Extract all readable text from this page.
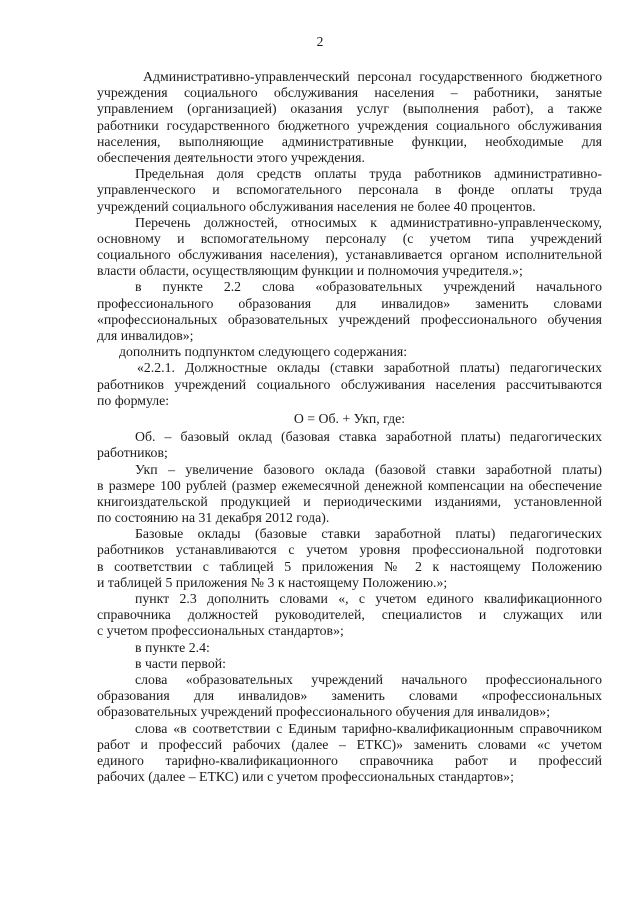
2
Административно-управленческий персонал государственного бюджетного
учреждения социального обслуживания населения – работники, занятые
управлением (организацией) оказания услуг (выполнения работ), а также
работники государственного бюджетного учреждения социального обслуживания
населения, выполняющие административные функции, необходимые для
обеспечения деятельности этого учреждения.
Предельная доля средств оплаты труда работников административно-
управленческого и вспомогательного персонала в фонде оплаты труда
учреждений социального обслуживания населения не более 40 процентов.
Перечень должностей, относимых к административно-управленческому,
основному и вспомогательному персоналу (с учетом типа учреждений
социального обслуживания населения), устанавливается органом исполнительной
власти области, осуществляющим функции и полномочия учредителя.»;
в пункте 2.2 слова «образовательных учреждений начального
профессионального образования для инвалидов» заменить словами
«профессиональных образовательных учреждений профессионального обучения
для инвалидов»;
дополнить подпунктом следующего содержания:
«2.2.1. Должностные оклады (ставки заработной платы) педагогических
работников учреждений социального обслуживания населения рассчитываются
по формуле:
О = Об. + Укп, где:
Об. – базовый оклад (базовая ставка заработной платы) педагогических
работников;
Укп – увеличение базового оклада (базовой ставки заработной платы)
в размере 100 рублей (размер ежемесячной денежной компенсации на обеспечение
книгоиздательской продукцией и периодическими изданиями, установленной
по состоянию на 31 декабря 2012 года).
Базовые оклады (базовые ставки заработной платы) педагогических
работников устанавливаются с учетом уровня профессиональной подготовки
в соответствии с таблицей 5 приложения № 2 к настоящему Положению
и таблицей 5 приложения № 3 к настоящему Положению.»;
пункт 2.3 дополнить словами «, с учетом единого квалификационного
справочника должностей руководителей, специалистов и служащих или
с учетом профессиональных стандартов»;
в пункте 2.4:
в части первой:
слова «образовательных учреждений начального профессионального
образования для инвалидов» заменить словами «профессиональных
образовательных учреждений профессионального обучения для инвалидов»;
слова «в соответствии с Единым тарифно-квалификационным справочником
работ и профессий рабочих (далее – ЕТКС)» заменить словами «с учетом
единого тарифно-квалификационного справочника работ и профессий
рабочих (далее – ЕТКС) или с учетом профессиональных стандартов»;
